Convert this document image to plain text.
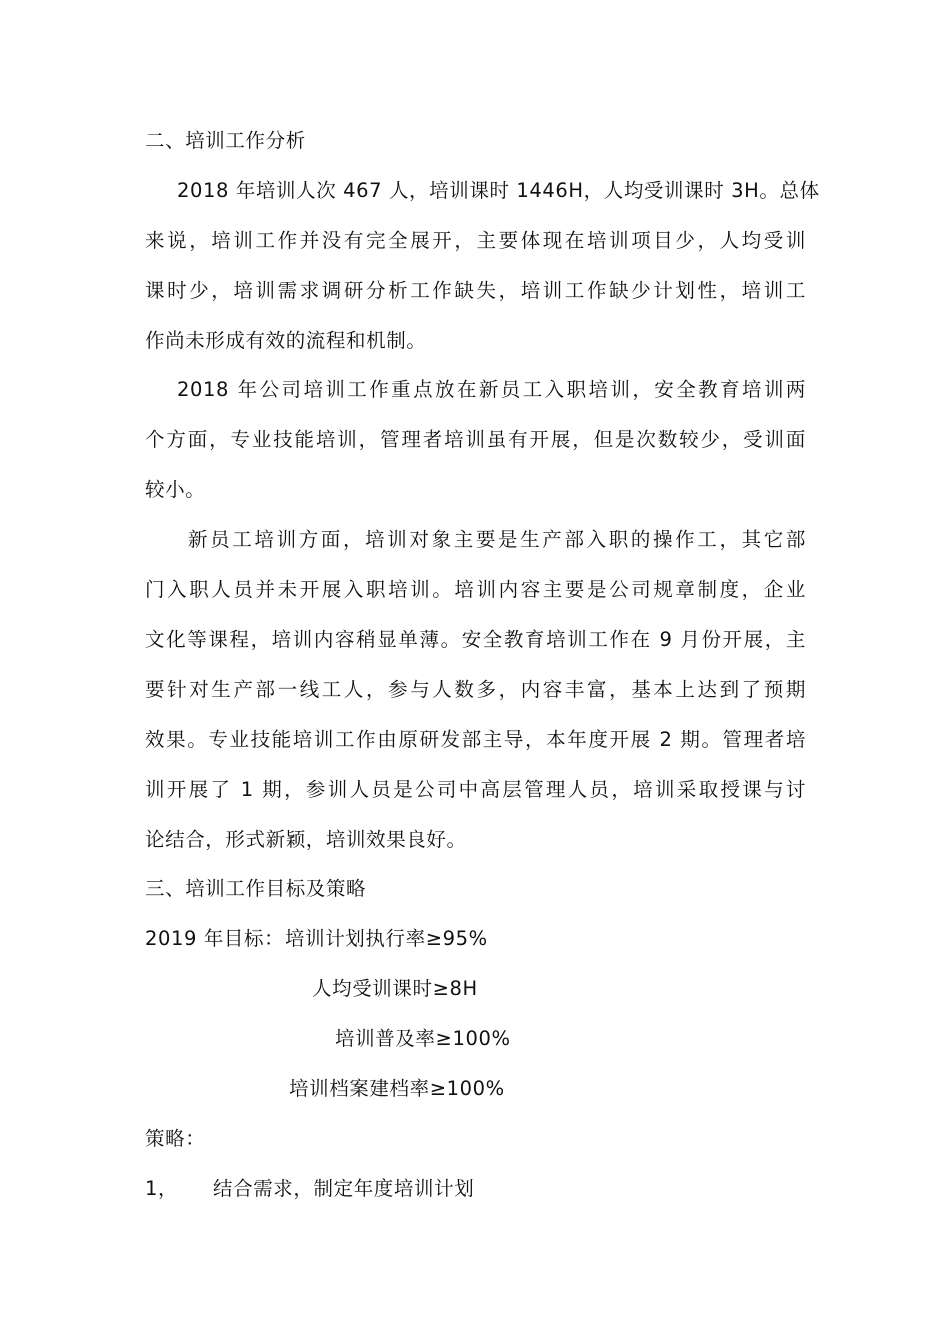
二、培训工作分析
2018 年培训人次 467 人，培训课时 1446H，人均受训课时 3H。总体
来说，培训工作并没有完全展开，主要体现在培训项目少，人均受训
课时少，培训需求调研分析工作缺失，培训工作缺少计划性，培训工
作尚未形成有效的流程和机制。
2018 年公司培训工作重点放在新员工入职培训，安全教育培训两
个方面，专业技能培训，管理者培训虽有开展，但是次数较少，受训面
较小。
新员工培训方面，培训对象主要是生产部入职的操作工，其它部
门入职人员并未开展入职培训。培训内容主要是公司规章制度，企业
文化等课程，培训内容稍显单薄。安全教育培训工作在 9 月份开展，主
要针对生产部一线工人，参与人数多，内容丰富，基本上达到了预期
效果。专业技能培训工作由原研发部主导，本年度开展 2 期。管理者培
训开展了 1 期，参训人员是公司中高层管理人员，培训采取授课与讨
论结合，形式新颖，培训效果良好。
三、培训工作目标及策略
2019 年目标： 培训计划执行率≥95%
人均受训课时≥8H
培训普及率≥100%
培训档案建档率≥100%
策略：
1， 结合需求，制定年度培训计划
